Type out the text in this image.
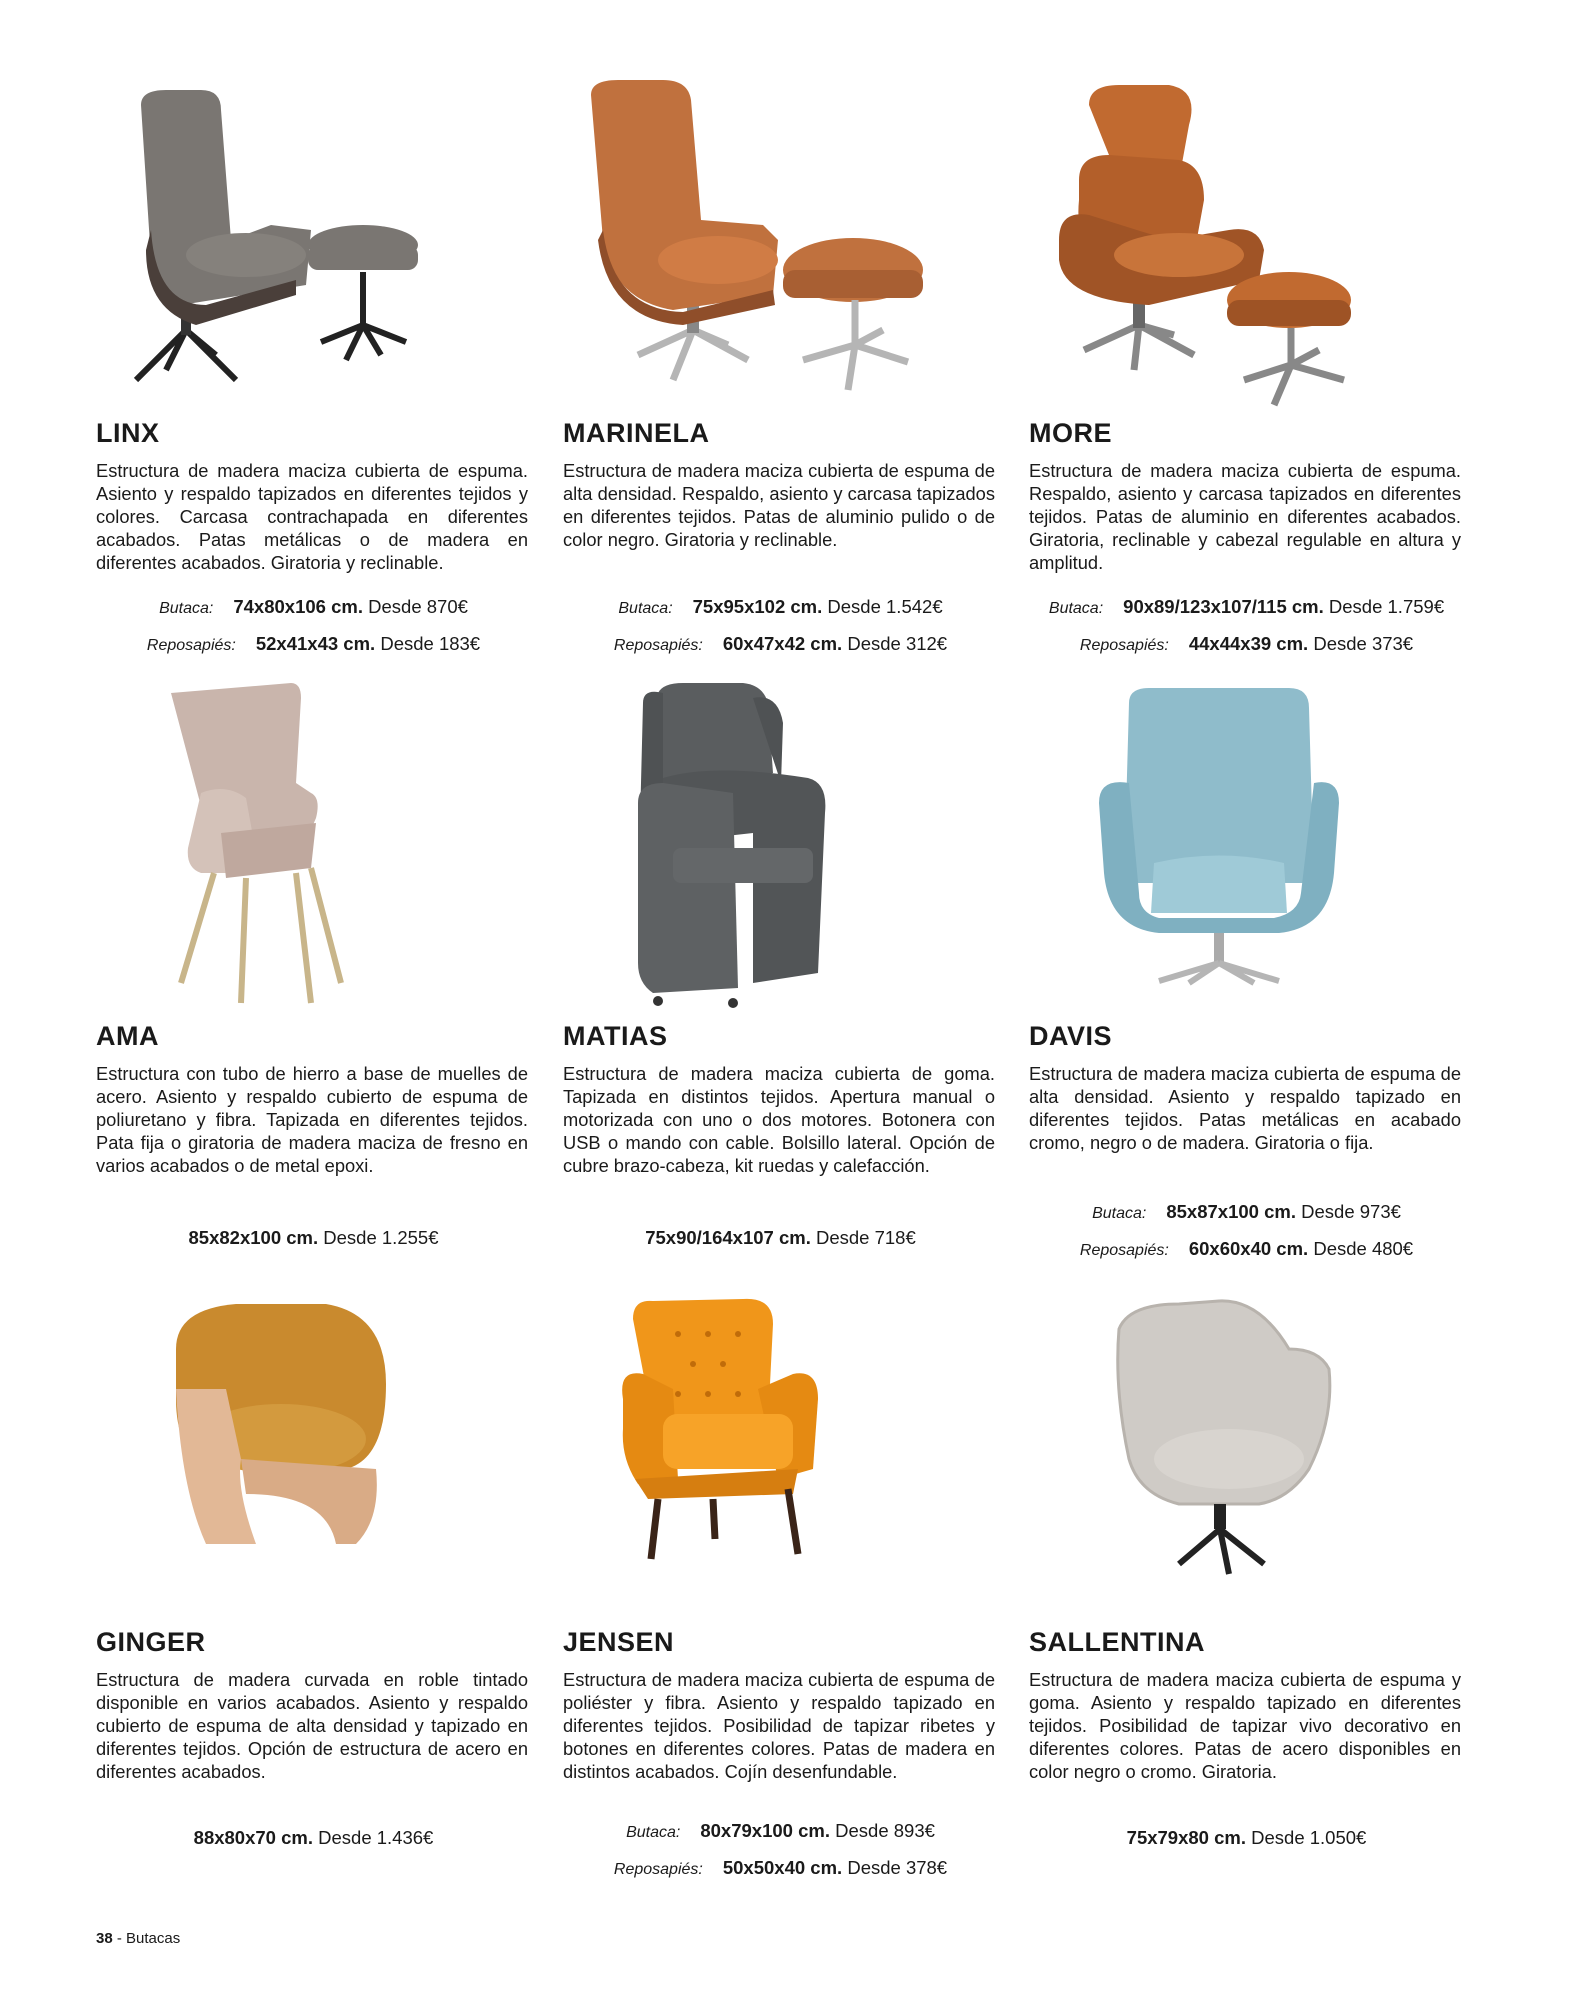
LINX

Estructura de madera maciza cubierta de espuma. Asiento y respaldo tapizados en diferentes tejidos y colores. Carcasa contrachapada en diferentes acabados. Patas metálicas o de madera en diferentes acabados. Giratoria y reclinable.

Butaca: 74x80x106 cm. Desde 870€
Reposapiés: 52x41x43 cm. Desde 183€
MARINELA

Estructura de madera maciza cubierta de espuma de alta densidad. Respaldo, asiento y carcasa tapizados en diferentes tejidos. Patas de aluminio pulido o de color negro. Giratoria y reclinable.

Butaca: 75x95x102 cm. Desde 1.542€
Reposapiés: 60x47x42 cm. Desde 312€
MORE

Estructura de madera maciza cubierta de espuma. Respaldo, asiento y carcasa tapizados en diferentes tejidos. Patas de aluminio en diferentes acabados. Giratoria, reclinable y cabezal regulable en altura y amplitud.

Butaca: 90x89/123x107/115 cm. Desde 1.759€
Reposapiés: 44x44x39 cm. Desde 373€
AMA

Estructura con tubo de hierro a base de muelles de acero. Asiento y respaldo cubierto de espuma de poliuretano y fibra. Tapizada en diferentes tejidos. Pata fija o giratoria de madera maciza de fresno en varios acabados o de metal epoxi.

85x82x100 cm. Desde 1.255€
MATIAS

Estructura de madera maciza cubierta de goma. Tapizada en distintos tejidos. Apertura manual o motorizada con uno o dos motores. Botonera con USB o mando con cable. Bolsillo lateral. Opción de cubre brazo-cabeza, kit ruedas y calefacción.

75x90/164x107 cm. Desde 718€
DAVIS

Estructura de madera maciza cubierta de espuma de alta densidad. Asiento y respaldo tapizado en diferentes tejidos. Patas metálicas en acabado cromo, negro o de madera. Giratoria o fija.

Butaca: 85x87x100 cm. Desde 973€
Reposapiés: 60x60x40 cm. Desde 480€
GINGER

Estructura de madera curvada en roble tintado disponible en varios acabados. Asiento y respaldo cubierto de espuma de alta densidad y tapizado en diferentes tejidos. Opción de estructura de acero en diferentes acabados.

88x80x70 cm. Desde 1.436€
JENSEN

Estructura de madera maciza cubierta de espuma de poliéster y fibra. Asiento y respaldo tapizado en diferentes tejidos. Posibilidad de tapizar ribetes y botones en diferentes colores. Patas de madera en distintos acabados. Cojín desenfundable.

Butaca: 80x79x100 cm. Desde 893€
Reposapiés: 50x50x40 cm. Desde 378€
SALLENTINA

Estructura de madera maciza cubierta de espuma y goma. Asiento y respaldo tapizado en diferentes tejidos. Posibilidad de tapizar vivo decorativo en diferentes colores. Patas de acero disponibles en color negro o cromo. Giratoria.

75x79x80 cm. Desde 1.050€
38 - Butacas
